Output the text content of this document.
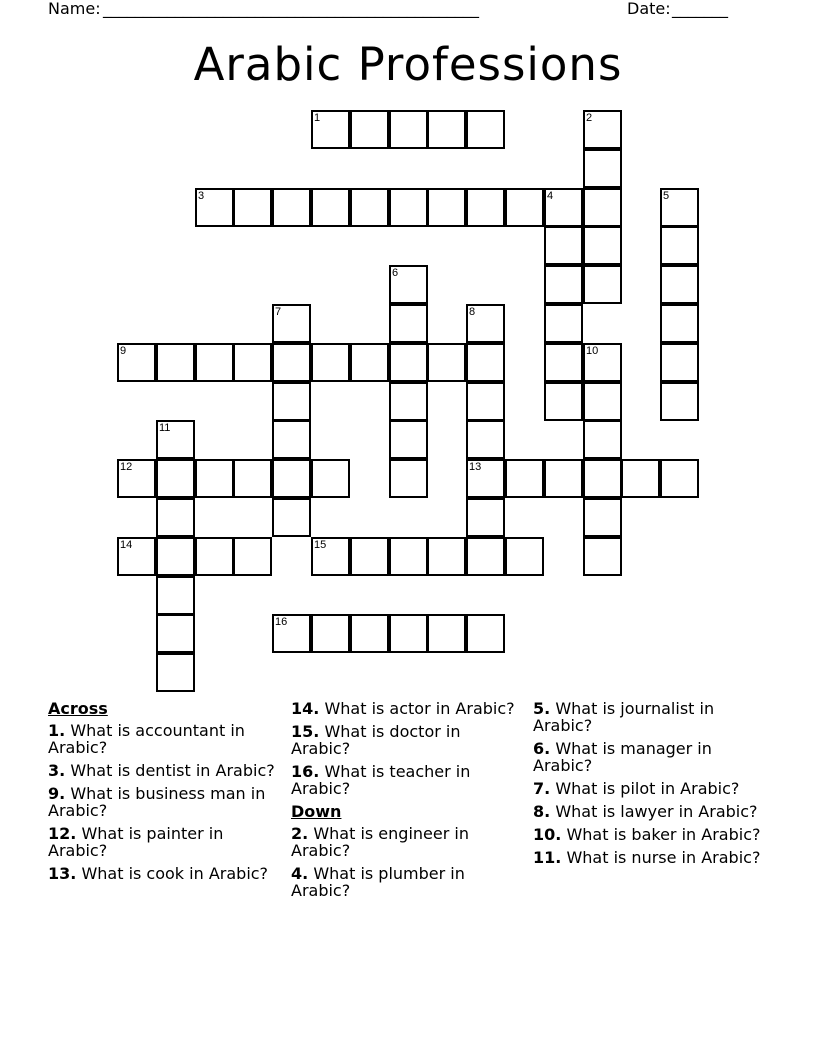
Name: _______________________________________________	Date: _______
Arabic Professions
1	2
3	4	5
6
7	8
13
9	10
11
12
14	15
16
Across
1. What is accountant in Arabic?
3. What is dentist in Arabic?
9. What is business man in Arabic?
12. What is painter in Arabic?
13. What is cook in Arabic?
14. What is actor in Arabic?
15. What is doctor in Arabic?
16. What is teacher in Arabic?
Down
2. What is engineer in Arabic?
4. What is plumber in Arabic?
5. What is journalist in Arabic?
6. What is manager in Arabic?
7. What is pilot in Arabic?
8. What is lawyer in Arabic?
10. What is baker in Arabic?
11. What is nurse in Arabic?
